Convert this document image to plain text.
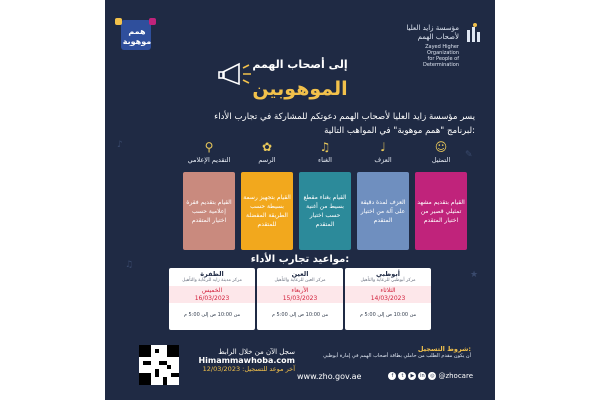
♪
✎
♫
★
همم
موهوبة
مؤسسة زايد العليا
لأصحاب الهمم
Zayed Higher Organization
for People of Determination
إلى أصحاب الهمم
الموهوبين
يسر مؤسسة زايد العليا لأصحاب الهمم دعوتكم للمشاركة في تجارب الأداء
لبرنامج "همم موهوبة" في المواهب التالية:
☺
التمثيل
♩
العزف
♫
الغناء
✿
الرسم
⚲
التقديم الإعلامي
القيام بتقديم مشهد تمثيلي قصير من اختيار المتقدم
العزف لمدة دقيقة على آلة من اختيار المتقدم
القيام بغناء مقطع بسيط من أغنية حسب اختيار المتقدم
القيام بتجهيز رسمة بسيطة حسب الطريقة المفضلة للمتقدم
القيام بتقديم فقرة إعلامية حسب اختيار المتقدم
مواعيد تجارب الأداء:
أبوظبي
مركز أبوظبي للرعاية والتأهيل
الثلاثاء
14/03/2023
من 10:00 ص إلى 5:00 م
العين
مركز العين للرعاية والتأهيل
الأربعاء
15/03/2023
من 10:00 ص إلى 5:00 م
الظفرة
مركز مدينة زايد للرعاية والتأهيل
الخميس
16/03/2023
من 10:00 ص إلى 5:00 م
سجل الآن من خلال الرابط
Himammawhoba.com
آخر موعد للتسجيل: 12/03/2023
شروط التسجيل:
أن يكون مقدم الطلب من حاملي بطاقة أصحاب الهمم في إمارة أبوظبي
www.zho.gov.ae	f	t	▶	in	◎ @zhocare
